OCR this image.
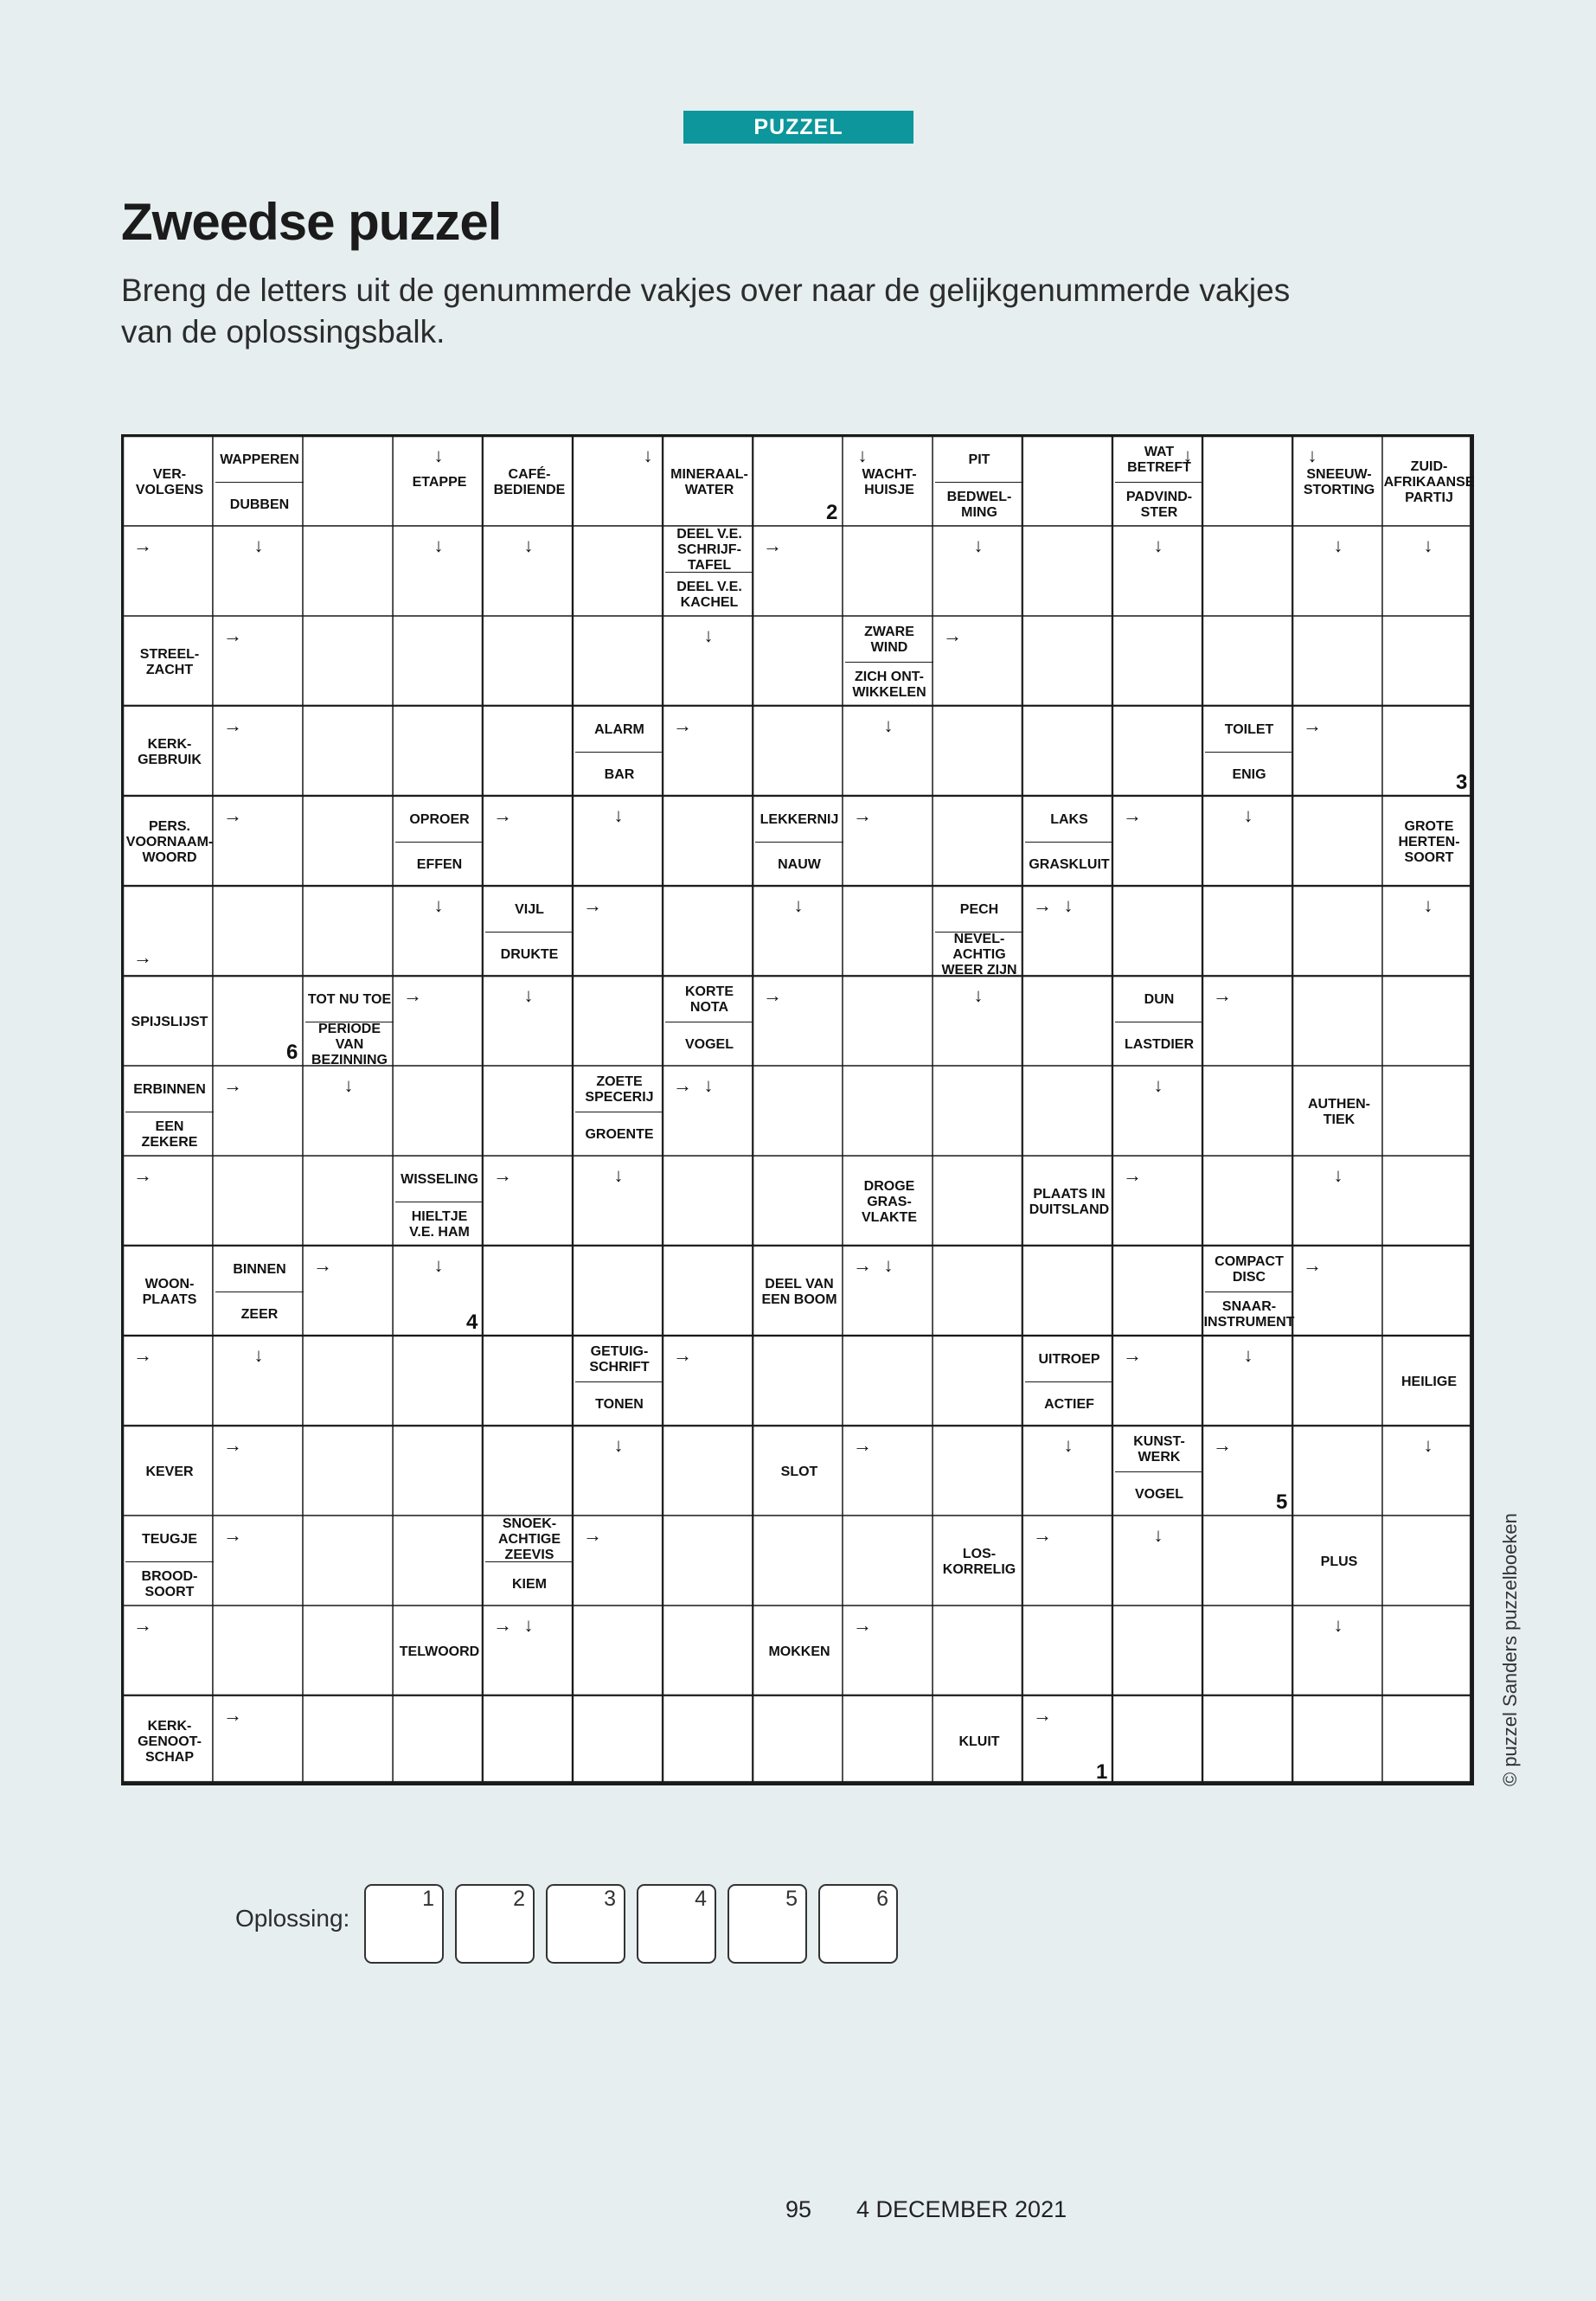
PUZZEL
Zweedse puzzel

Breng de letters uit de genummerde vakjes over naar de gelijkgenummerde vakjes van de oplossingsbalk.

VER-
VOLGENS
WAPPEREN
DUBBEN
ETAPPE
CAFÉ-
BEDIENDE
MINERAAL-
WATER
WACHT-
HUISJE
PIT
BEDWEL-
MING
WAT
BETREFT
PADVIND-
STER
SNEEUW-
STORTING
ZUID-
AFRIKAANSE
PARTIJ
DEEL V.E.
SCHRIJF-
TAFEL
DEEL V.E.
KACHEL
STREEL-
ZACHT
ZWARE
WIND
ZICH ONT-
WIKKELEN
KERK-
GEBRUIK
ALARM
BAR
TOILET
ENIG
PERS.
VOORNAAM-
WOORD
OPROER
EFFEN
LEKKERNIJ
NAUW
LAKS
GRASKLUIT
GROTE
HERTEN-
SOORT
VIJL
DRUKTE
PECH
NEVEL-
ACHTIG
WEER ZIJN
SPIJSLIJST
TOT NU TOE
PERIODE
VAN
BEZINNING
KORTE
NOTA
VOGEL
DUN
LASTDIER
ERBINNEN
EEN ZEKERE
ZOETE
SPECERIJ
GROENTE
AUTHEN-
TIEK
WISSELING
HIELTJE
V.E. HAM
DROGE
GRAS-
VLAKTE
PLAATS IN
DUITSLAND
WOON-
PLAATS
BINNEN
ZEER
DEEL VAN
EEN BOOM
COMPACT
DISC
SNAAR-
INSTRUMENT
GETUIG-
SCHRIFT
TONEN
UITROEP
ACTIEF
HEILIGE
KEVER	SLOT
KUNST-
WERK
VOGEL
TEUGJE
BROOD-
SOORT
SNOEK-
ACHTIGE
ZEEVIS
KIEM
LOS-
KORRELIG
PLUS
TELWOORD	MOKKEN
KERK-
GENOOT-
SCHAP
KLUIT
↓	↓	↓	↓	↓
→	↓	↓	↓	→	↓	↓	↓	↓
↓
→	→
→	↓
→	→
↓	↓
→	→	→	→
↓	↓	↓	↓
→	→
→
↓	↓
→	→	→
↓	↓	↓
→	→
→	↓	↓
→	→
↓	↓
→	→	→
→	↓	↓
→	→
↓	↓	↓
→	→	→
↓
→	→	→
→	↓	↓
→	→
→	→
2
3
6
4
5
1	© puzzel Sanders puzzelboeken

Oplossing:
1	2	3	4	5	6
95 4 DECEMBER 2021
